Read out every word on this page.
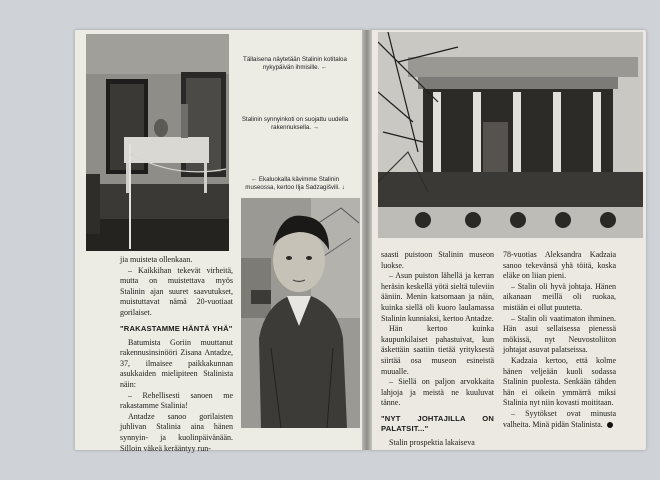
Tällaisena näytetään Stalinin kotitaloa nykypäivän ihmisille. ←
Stalinin synnyinkoti on suojattu uudella rakennuksella. →
← Ekaluokalla kävimme Stalinin museossa, kertoo Ilja Sadzagišvili. ↓

jia muisteta ollenkaan.

– Kaikkihan tekevät virheitä, mutta on muistettava myös Stalinin ajan suuret saavutukset, muistuttavat nämä 20-vuotiaat gorilaiset.

"RAKASTAMME HÄNTÄ YHÄ"

Batumista Goriin muuttanut rakennusinsinööri Zisana Antadze, 37, ilmaisee paikkakunnan asukkaiden mielipiteen Stalinista näin:

– Rehellisesti sanoen me rakastamme Stalinia!

Antadze sanoo gorilaisten juhlivan Stalinia aina hänen synnyin- ja kuolinpäivänään. Silloin väkeä kerääntyy run-

saasti puistoon Stalinin museon luokse.

– Asun puiston lähellä ja kerran heräsin keskellä yötä sieltä tuleviin ääniin. Menin katsomaan ja näin, kuinka siellä oli kuoro laulamassa Stalinin kunniaksi, kertoo Antadze.

Hän kertoo kuinka kaupunkilaiset pahastuivat, kun äskettäin saatiin tietää yrityksestä siirtää osa museon esineistä muualle.

– Siellä on paljon arvokkaita lahjoja ja meistä ne kuuluvat tänne.

"NYT JOHTAJILLA ON PALATSIT..."

Stalin prospektia lakaiseva

78-vuotias Aleksandra Kadzaia sanoo tekevänsä yhä töitä, koska eläke on liian pieni.

– Stalin oli hyvä johtaja. Hänen aikanaan meillä oli ruokaa, mistään ei ollut puutetta.

– Stalin oli vaatimaton ihminen. Hän asui sellaisessa pienessä mökissä, nyt Neuvostoliiton johtajat asuvat palatseissa.

Kadzaia kertoo, että kolme hänen veljeään kuoli sodassa Stalinin puolesta. Senkään tähden hän ei oikein ymmärrä miksi Stalinia nyt niin kovasti moititaan.

– Syytökset ovat minusta valheita. Minä pidän Stalinista.
